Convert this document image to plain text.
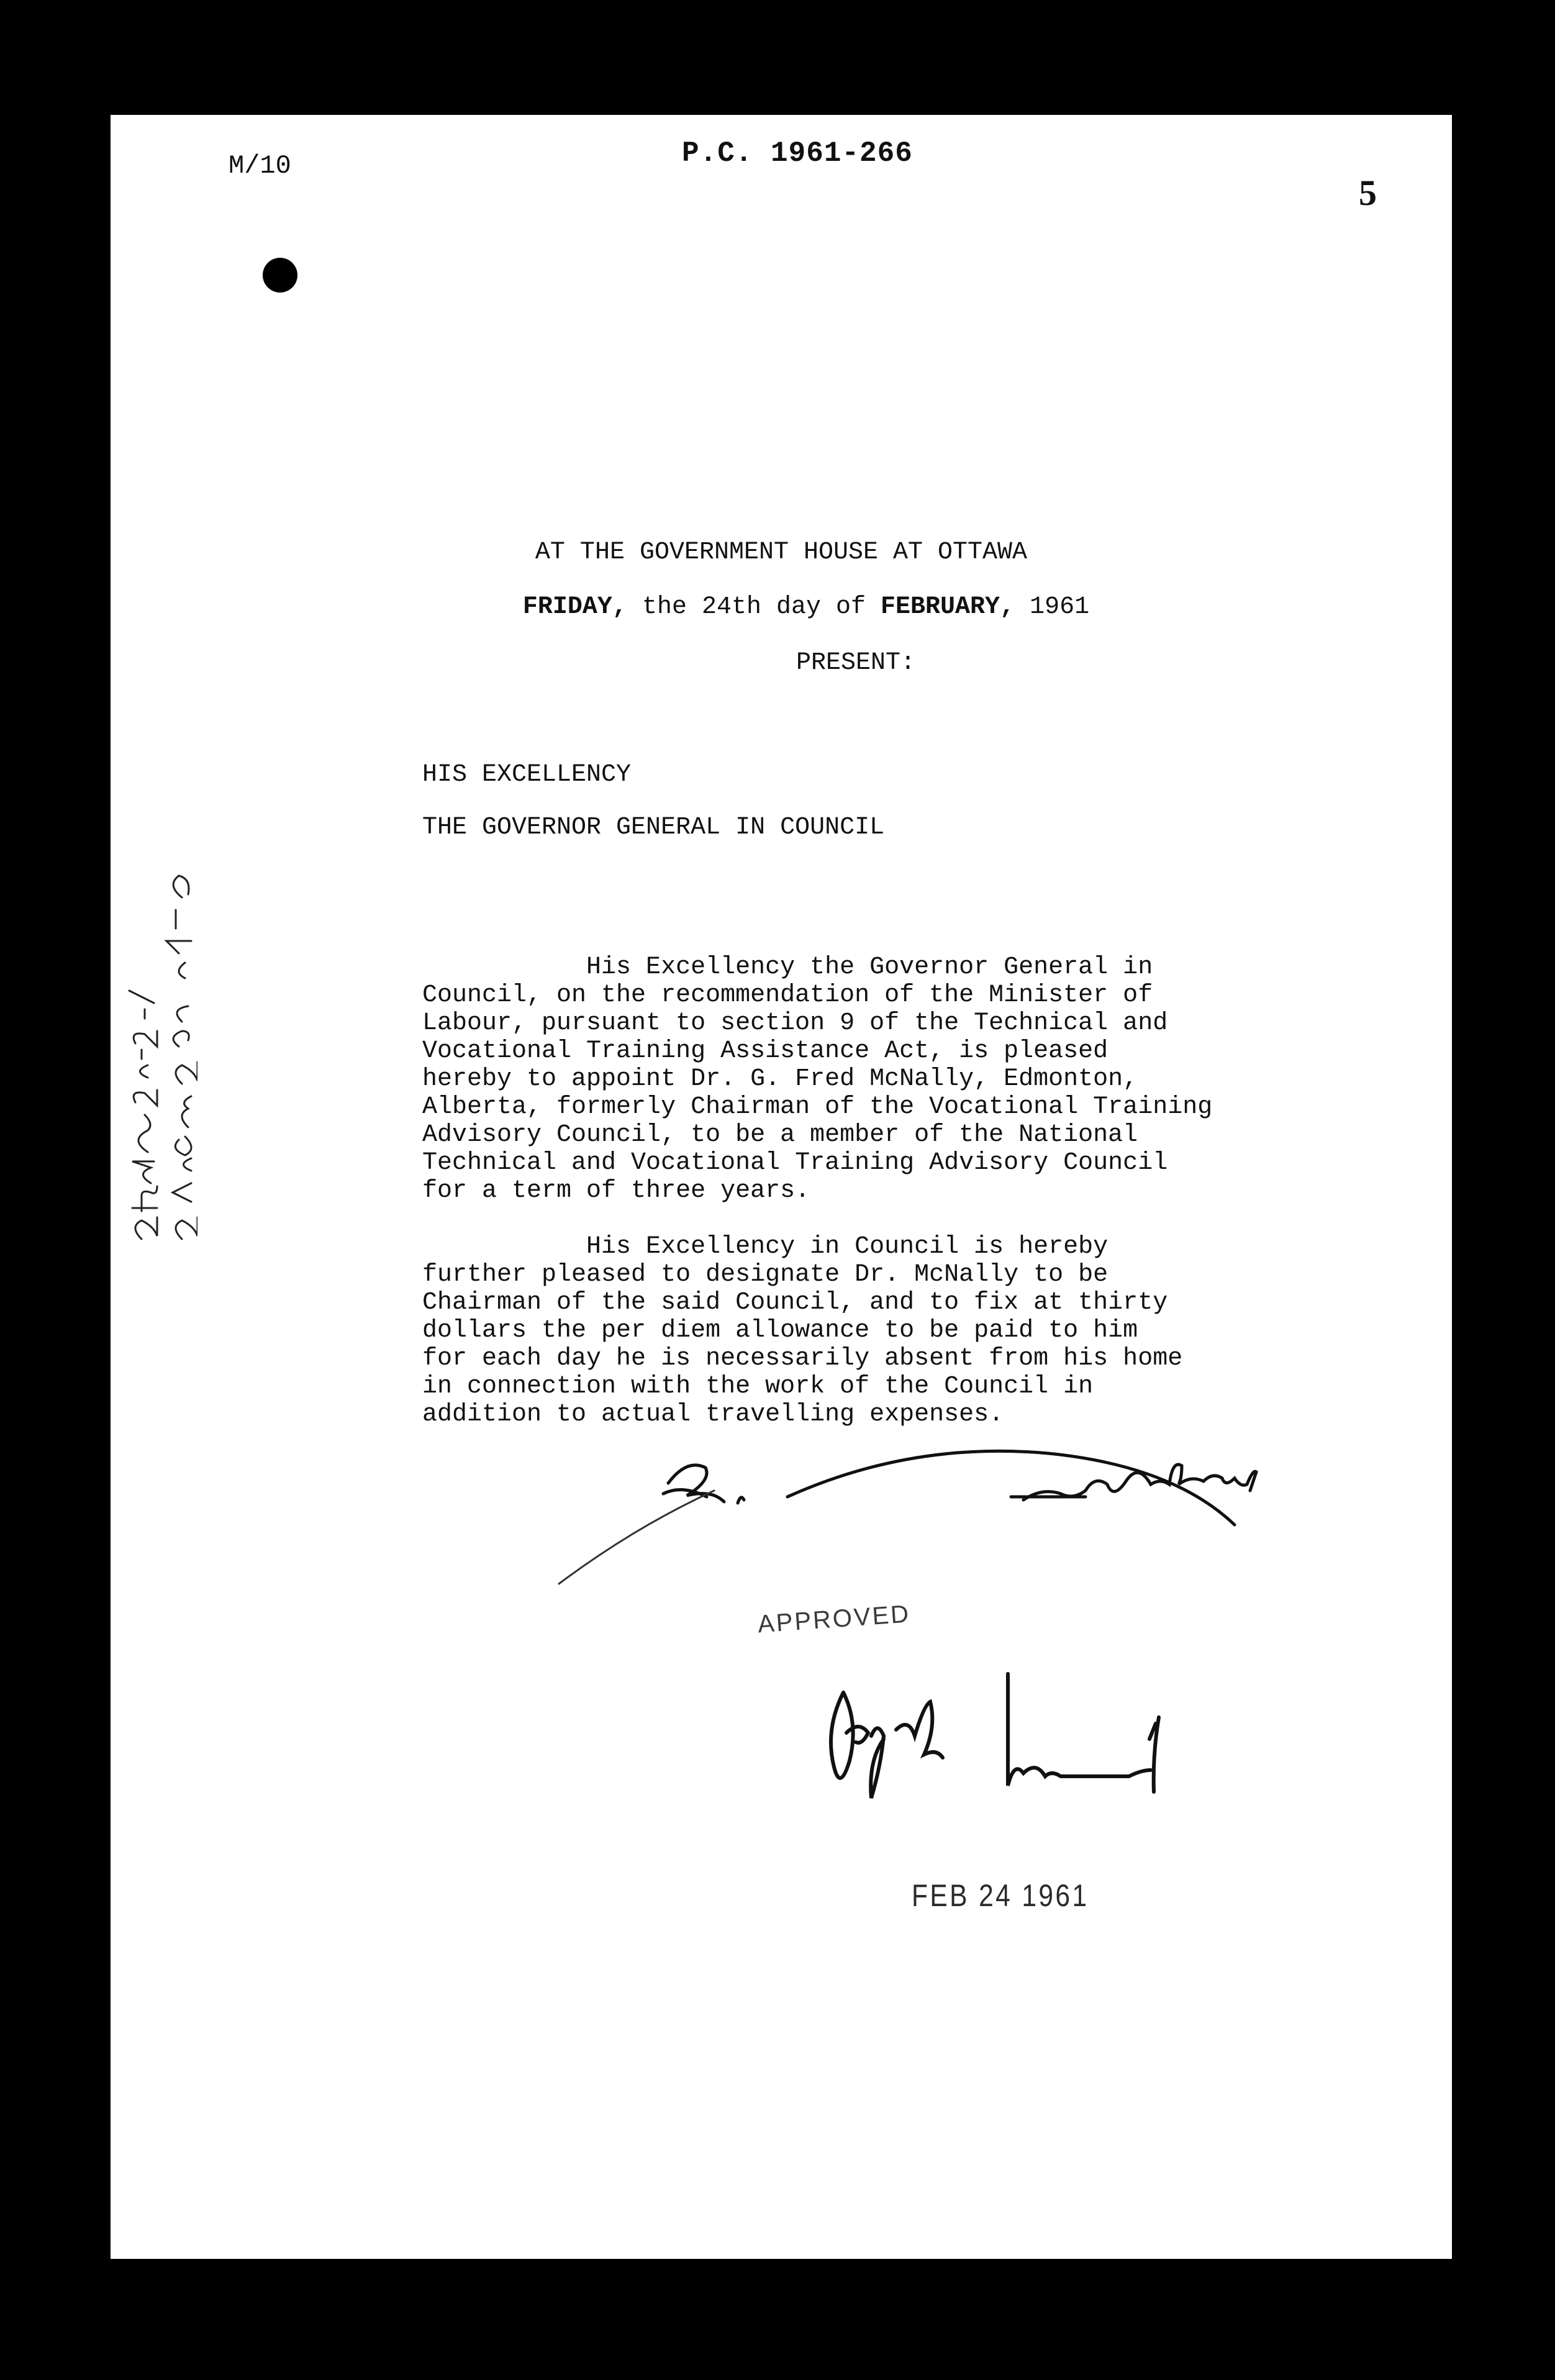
M/10	P.C. 1961-266
5
AT THE GOVERNMENT HOUSE AT OTTAWA
FRIDAY, the 24th day of FEBRUARY, 1961
PRESENT:
HIS EXCELLENCY
THE GOVERNOR GENERAL IN COUNCIL
His Excellency the Governor General in
Council, on the recommendation of the Minister of
Labour, pursuant to section 9 of the Technical and
Vocational Training Assistance Act, is pleased
hereby to appoint Dr. G. Fred McNally, Edmonton,
Alberta, formerly Chairman of the Vocational Training
Advisory Council, to be a member of the National
Technical and Vocational Training Advisory Council
for a term of three years.
His Excellency in Council is hereby
further pleased to designate Dr. McNally to be
Chairman of the said Council, and to fix at thirty
dollars the per diem allowance to be paid to him
for each day he is necessarily absent from his home
in connection with the work of the Council in
addition to actual travelling expenses.
APPROVED
FEB 24 1961
